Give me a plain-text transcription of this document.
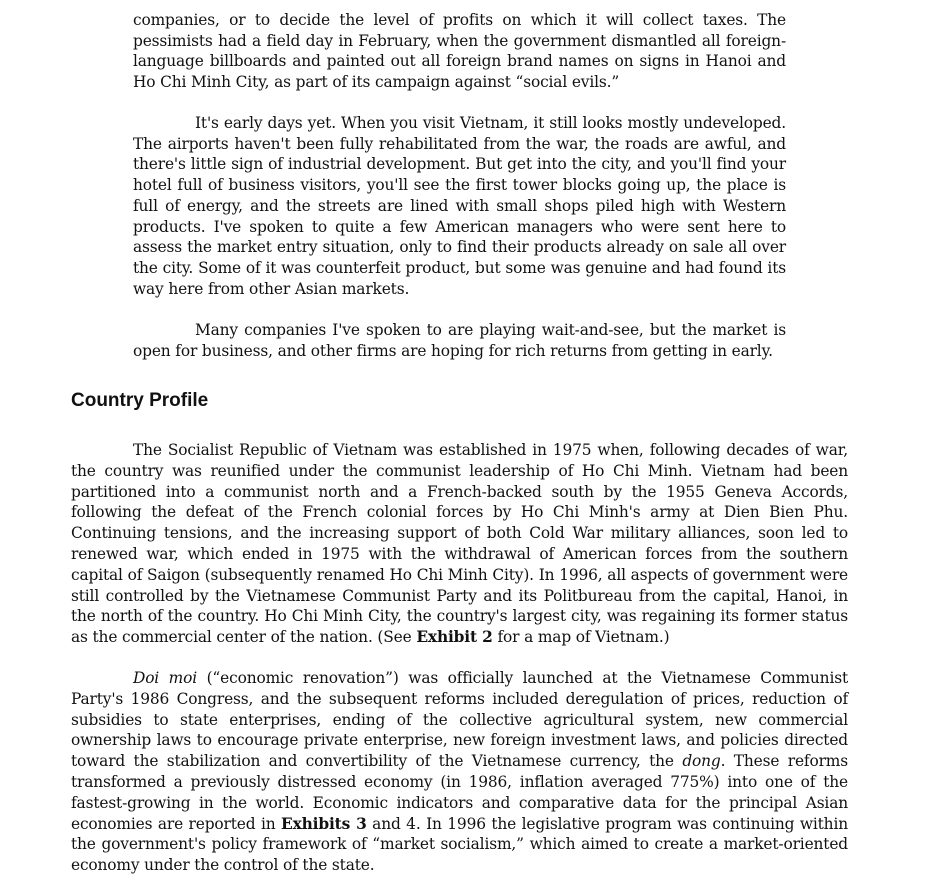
companies, or to decide the level of profits on which it will collect taxes. The pessimists had a field day in February, when the government dismantled all foreign-language billboards and painted out all foreign brand names on signs in Hanoi and Ho Chi Minh City, as part of its campaign against “social evils.”

It's early days yet. When you visit Vietnam, it still looks mostly undeveloped. The airports haven't been fully rehabilitated from the war, the roads are awful, and there's little sign of industrial development. But get into the city, and you'll find your hotel full of business visitors, you'll see the first tower blocks going up, the place is full of energy, and the streets are lined with small shops piled high with Western products. I've spoken to quite a few American managers who were sent here to assess the market entry situation, only to find their products already on sale all over the city. Some of it was counterfeit product, but some was genuine and had found its way here from other Asian markets.

Many companies I've spoken to are playing wait-and-see, but the market is open for business, and other firms are hoping for rich returns from getting in early.

Country Profile

The Socialist Republic of Vietnam was established in 1975 when, following decades of war, the country was reunified under the communist leadership of Ho Chi Minh. Vietnam had been partitioned into a communist north and a French-backed south by the 1955 Geneva Accords, following the defeat of the French colonial forces by Ho Chi Minh's army at Dien Bien Phu. Continuing tensions, and the increasing support of both Cold War military alliances, soon led to renewed war, which ended in 1975 with the withdrawal of American forces from the southern capital of Saigon (subsequently renamed Ho Chi Minh City). In 1996, all aspects of government were still controlled by the Vietnamese Communist Party and its Politbureau from the capital, Hanoi, in the north of the country. Ho Chi Minh City, the country's largest city, was regaining its former status as the commercial center of the nation. (See Exhibit 2 for a map of Vietnam.)

Doi moi (“economic renovation”) was officially launched at the Vietnamese Communist Party's 1986 Congress, and the subsequent reforms included deregulation of prices, reduction of subsidies to state enterprises, ending of the collective agricultural system, new commercial ownership laws to encourage private enterprise, new foreign investment laws, and policies directed toward the stabilization and convertibility of the Vietnamese currency, the dong. These reforms transformed a previously distressed economy (in 1986, inflation averaged 775%) into one of the fastest-growing in the world. Economic indicators and comparative data for the principal Asian economies are reported in Exhibits 3 and 4. In 1996 the legislative program was continuing within the government's policy framework of “market socialism,” which aimed to create a market-oriented economy under the control of the state.
